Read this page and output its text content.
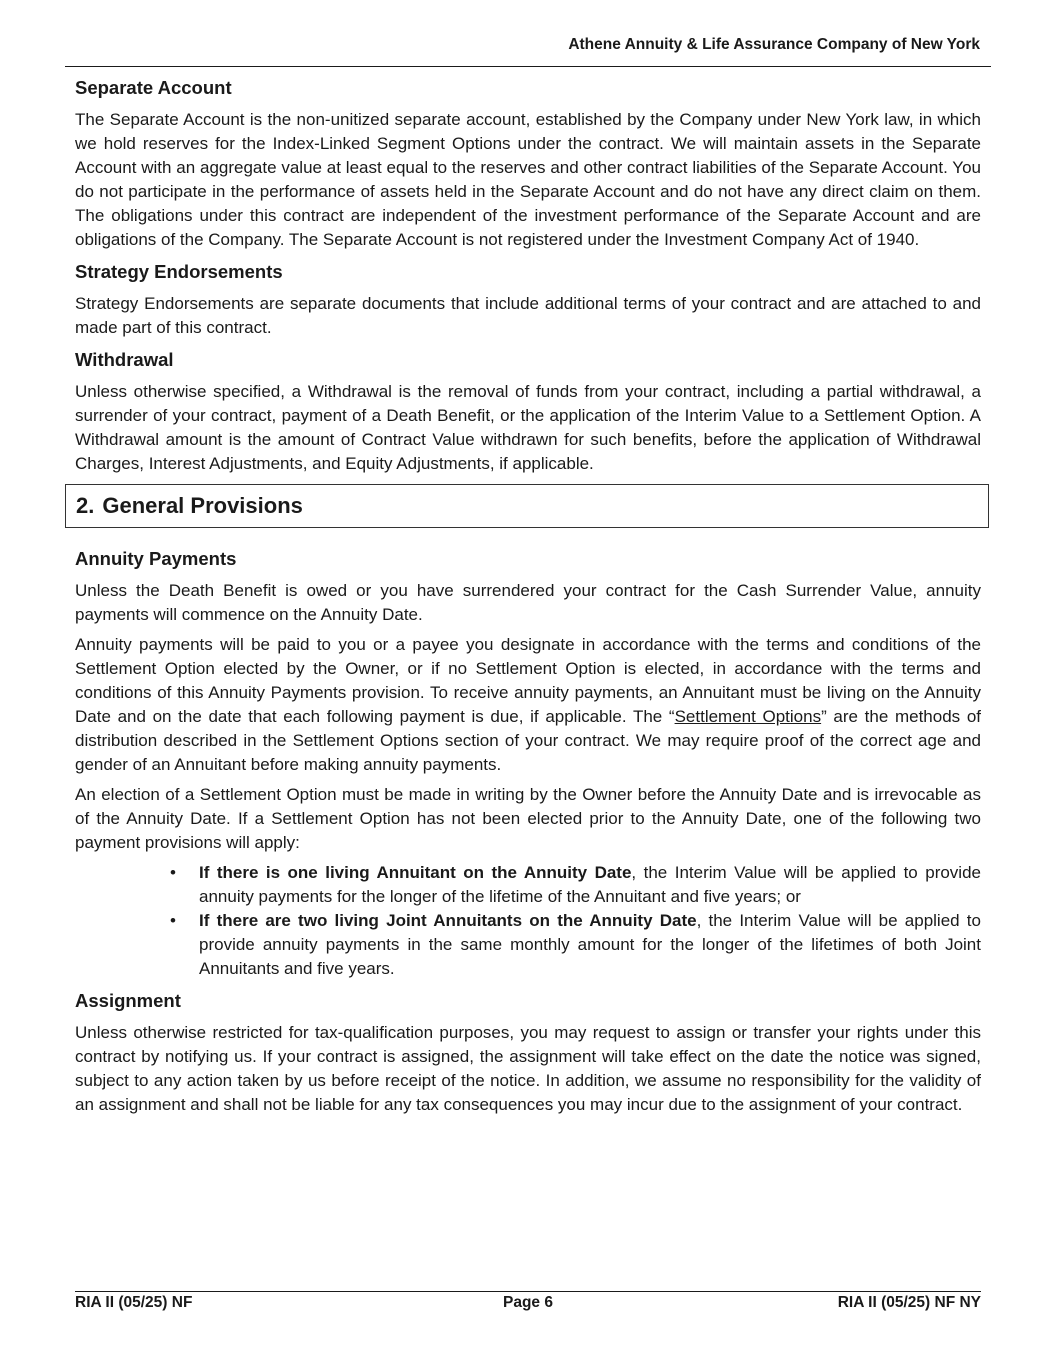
Athene Annuity & Life Assurance Company of New York
Separate Account

The Separate Account is the non-unitized separate account, established by the Company under New York law, in which we hold reserves for the Index-Linked Segment Options under the contract. We will maintain assets in the Separate Account with an aggregate value at least equal to the reserves and other contract liabilities of the Separate Account. You do not participate in the performance of assets held in the Separate Account and do not have any direct claim on them. The obligations under this contract are independent of the investment performance of the Separate Account and are obligations of the Company. The Separate Account is not registered under the Investment Company Act of 1940.

Strategy Endorsements

Strategy Endorsements are separate documents that include additional terms of your contract and are attached to and made part of this contract.

Withdrawal

Unless otherwise specified, a Withdrawal is the removal of funds from your contract, including a partial withdrawal, a surrender of your contract, payment of a Death Benefit, or the application of the Interim Value to a Settlement Option. A Withdrawal amount is the amount of Contract Value withdrawn for such benefits, before the application of Withdrawal Charges, Interest Adjustments, and Equity Adjustments, if applicable.

2. General Provisions
Annuity Payments

Unless the Death Benefit is owed or you have surrendered your contract for the Cash Surrender Value, annuity payments will commence on the Annuity Date.

Annuity payments will be paid to you or a payee you designate in accordance with the terms and conditions of the Settlement Option elected by the Owner, or if no Settlement Option is elected, in accordance with the terms and conditions of this Annuity Payments provision. To receive annuity payments, an Annuitant must be living on the Annuity Date and on the date that each following payment is due, if applicable. The “Settlement Options” are the methods of distribution described in the Settlement Options section of your contract. We may require proof of the correct age and gender of an Annuitant before making annuity payments.

An election of a Settlement Option must be made in writing by the Owner before the Annuity Date and is irrevocable as of the Annuity Date. If a Settlement Option has not been elected prior to the Annuity Date, one of the following two payment provisions will apply:

• If there is one living Annuitant on the Annuity Date, the Interim Value will be applied to provide annuity payments for the longer of the lifetime of the Annuitant and five years; or
• If there are two living Joint Annuitants on the Annuity Date, the Interim Value will be applied to provide annuity payments in the same monthly amount for the longer of the lifetimes of both Joint Annuitants and five years.
Assignment

Unless otherwise restricted for tax-qualification purposes, you may request to assign or transfer your rights under this contract by notifying us. If your contract is assigned, the assignment will take effect on the date the notice was signed, subject to any action taken by us before receipt of the notice. In addition, we assume no responsibility for the validity of an assignment and shall not be liable for any tax consequences you may incur due to the assignment of your contract.

RIA II (05/25) NF	Page 6	RIA II (05/25) NF NY
